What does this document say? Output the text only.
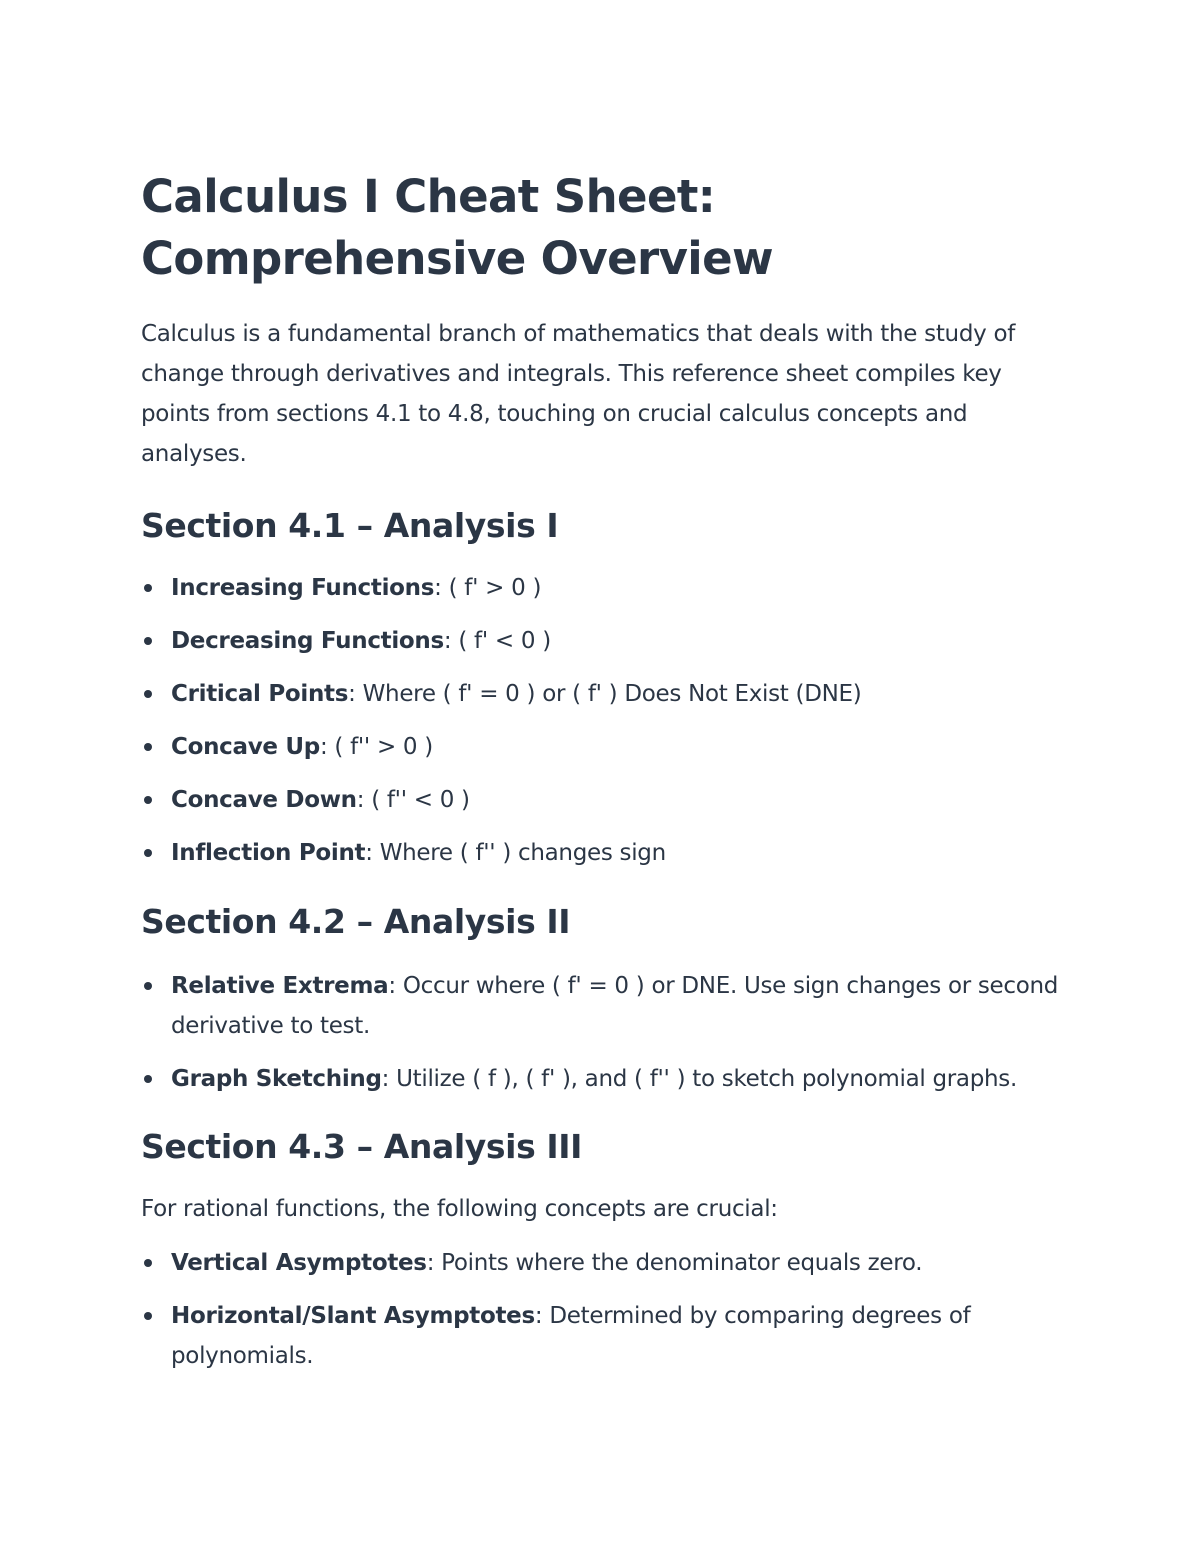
Calculus I Cheat Sheet: Comprehensive Overview

Calculus is a fundamental branch of mathematics that deals with the study of change through derivatives and integrals. This reference sheet compiles key points from sections 4.1 to 4.8, touching on crucial calculus concepts and analyses.

Section 4.1 – Analysis I
Increasing Functions: ( f' > 0 )
Decreasing Functions: ( f' < 0 )
Critical Points: Where ( f' = 0 ) or ( f' ) Does Not Exist (DNE)
Concave Up: ( f'' > 0 )
Concave Down: ( f'' < 0 )
Inflection Point: Where ( f'' ) changes sign
Section 4.2 – Analysis II
Relative Extrema: Occur where ( f' = 0 ) or DNE. Use sign changes or second derivative to test.
Graph Sketching: Utilize ( f ), ( f' ), and ( f'' ) to sketch polynomial graphs.
Section 4.3 – Analysis III

For rational functions, the following concepts are crucial:

Vertical Asymptotes: Points where the denominator equals zero.
Horizontal/Slant Asymptotes: Determined by comparing degrees of polynomials.
